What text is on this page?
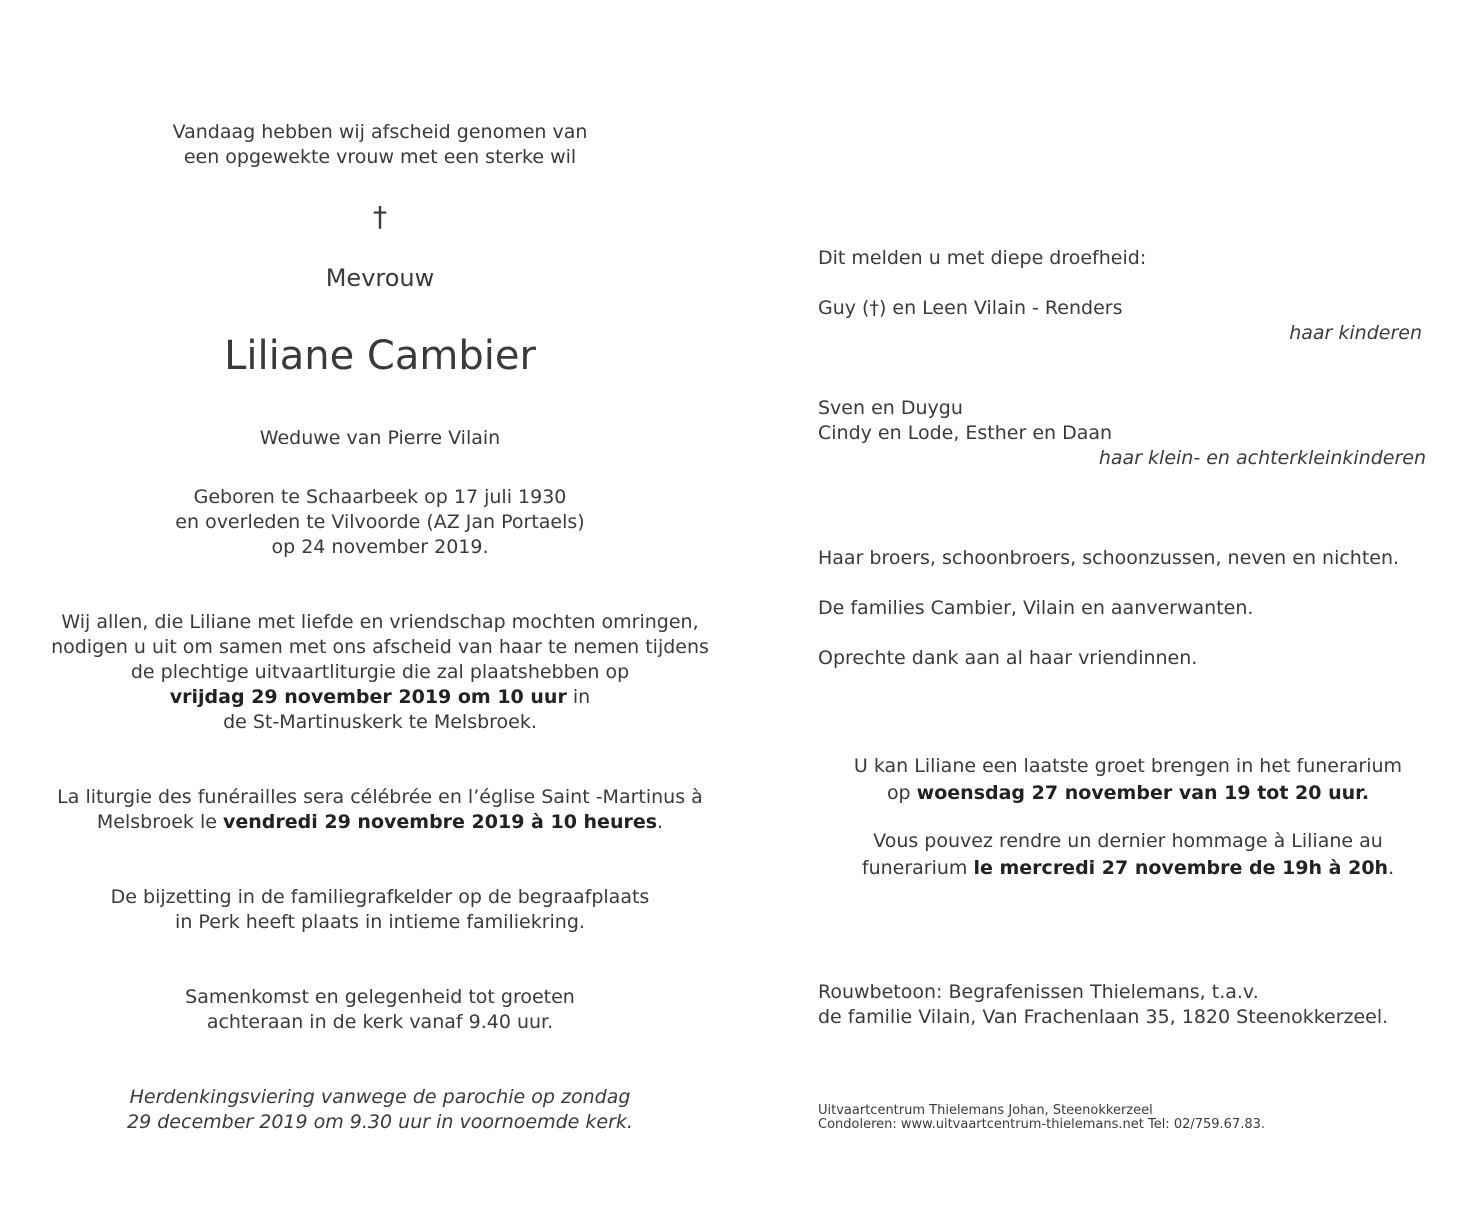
Vandaag hebben wij afscheid genomen van
een opgewekte vrouw met een sterke wil
†
Mevrouw
Liliane Cambier
Weduwe van Pierre Vilain
Geboren te Schaarbeek op 17 juli 1930
en overleden te Vilvoorde (AZ Jan Portaels)
op 24 november 2019.
Wij allen, die Liliane met liefde en vriendschap mochten omringen,
nodigen u uit om samen met ons afscheid van haar te nemen tijdens
de plechtige uitvaartliturgie die zal plaatshebben op
vrijdag 29 november 2019 om 10 uur in
de St-Martinuskerk te Melsbroek.
La liturgie des funérailles sera célébrée en l’église Saint -Martinus à
Melsbroek le vendredi 29 novembre 2019 à 10 heures.
De bijzetting in de familiegrafkelder op de begraafplaats
in Perk heeft plaats in intieme familiekring.
Samenkomst en gelegenheid tot groeten
achteraan in de kerk vanaf 9.40 uur.
Herdenkingsviering vanwege de parochie op zondag
29 december 2019 om 9.30 uur in voornoemde kerk.
Dit melden u met diepe droefheid:
Guy (†) en Leen Vilain - Renders
haar kinderen
Sven en Duygu
Cindy en Lode, Esther en Daan
haar klein- en achterkleinkinderen
Haar broers, schoonbroers, schoonzussen, neven en nichten.
De families Cambier, Vilain en aanverwanten.
Oprechte dank aan al haar vriendinnen.
U kan Liliane een laatste groet brengen in het funerarium
op woensdag 27 november van 19 tot 20 uur.
Vous pouvez rendre un dernier hommage à Liliane au
funerarium le mercredi 27 novembre de 19h à 20h.
Rouwbetoon: Begrafenissen Thielemans, t.a.v.
de familie Vilain, Van Frachenlaan 35, 1820 Steenokkerzeel.
Uitvaartcentrum Thielemans Johan, Steenokkerzeel
Condoleren: www.uitvaartcentrum-thielemans.net Tel: 02/759.67.83.
